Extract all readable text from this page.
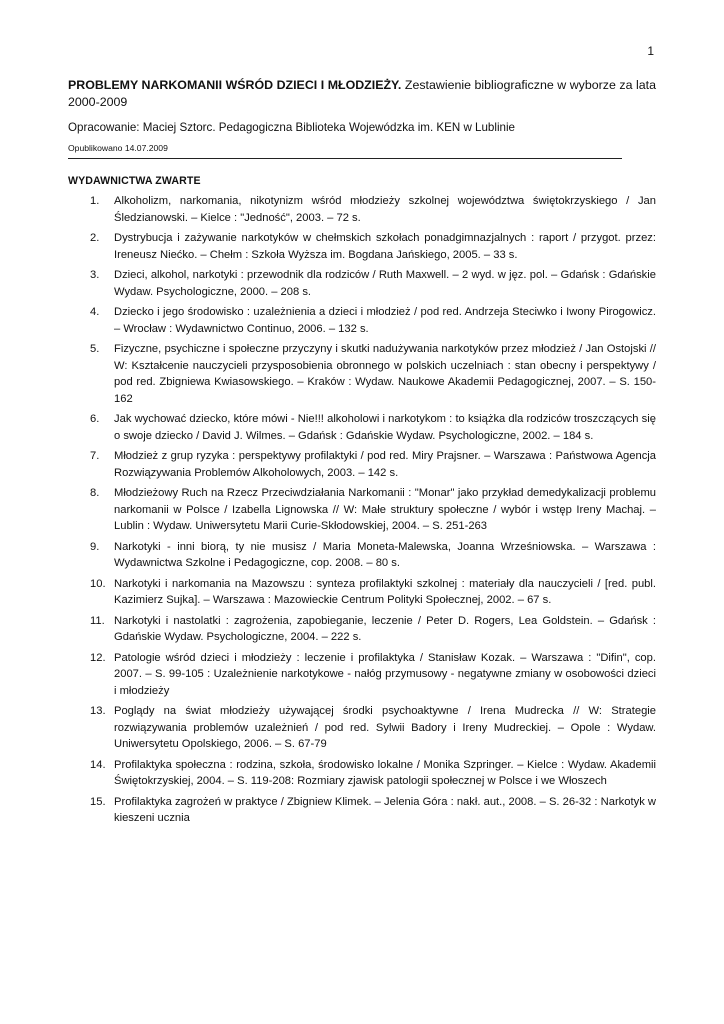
1
PROBLEMY NARKOMANII WŚRÓD DZIECI I MŁODZIEŻY. Zestawienie bibliograficzne w wyborze za lata 2000-2009
Opracowanie: Maciej Sztorc. Pedagogiczna Biblioteka Wojewódzka im. KEN w Lublinie
Opublikowano 14.07.2009
WYDAWNICTWA ZWARTE
1.	Alkoholizm, narkomania, nikotynizm wśród młodzieży szkolnej województwa świętokrzyskiego / Jan Śledzianowski. – Kielce : "Jedność", 2003. – 72 s.
2.	Dystrybucja i zażywanie narkotyków w chełmskich szkołach ponadgimnazjalnych : raport / przygot. przez: Ireneusz Niećko. – Chełm : Szkoła Wyższa im. Bogdana Jańskiego, 2005. – 33 s.
3.	Dzieci, alkohol, narkotyki : przewodnik dla rodziców / Ruth Maxwell. – 2 wyd. w jęz. pol. – Gdańsk : Gdańskie Wydaw. Psychologiczne, 2000. – 208 s.
4.	Dziecko i jego środowisko : uzależnienia a dzieci i młodzież / pod red. Andrzeja Steciwko i Iwony Pirogowicz. – Wrocław : Wydawnictwo Continuo, 2006. – 132 s.
5.	Fizyczne, psychiczne i społeczne przyczyny i skutki nadużywania narkotyków przez młodzież / Jan Ostojski // W: Kształcenie nauczycieli przysposobienia obronnego w polskich uczelniach : stan obecny i perspektywy / pod red. Zbigniewa Kwiasowskiego. – Kraków : Wydaw. Naukowe Akademii Pedagogicznej, 2007. – S. 150-162
6.	Jak wychować dziecko, które mówi - Nie!!! alkoholowi i narkotykom : to książka dla rodziców troszczących się o swoje dziecko / David J. Wilmes. – Gdańsk : Gdańskie Wydaw. Psychologiczne, 2002. – 184 s.
7.	Młodzież z grup ryzyka : perspektywy profilaktyki / pod red. Miry Prajsner. – Warszawa : Państwowa Agencja Rozwiązywania Problemów Alkoholowych, 2003. – 142 s.
8.	Młodzieżowy Ruch na Rzecz Przeciwdziałania Narkomanii : "Monar" jako przykład demedykalizacji problemu narkomanii w Polsce / Izabella Lignowska // W: Małe struktury społeczne / wybór i wstęp Ireny Machaj. – Lublin : Wydaw. Uniwersytetu Marii Curie-Skłodowskiej, 2004. – S. 251-263
9.	Narkotyki - inni biorą, ty nie musisz / Maria Moneta-Malewska, Joanna Wrześniowska. – Warszawa : Wydawnictwa Szkolne i Pedagogiczne, cop. 2008. – 80 s.
10. Narkotyki i narkomania na Mazowszu : synteza profilaktyki szkolnej : materiały dla nauczycieli / [red. publ. Kazimierz Sujka]. – Warszawa : Mazowieckie Centrum Polityki Społecznej, 2002. – 67 s.
11. Narkotyki i nastolatki : zagrożenia, zapobieganie, leczenie / Peter D. Rogers, Lea Goldstein. – Gdańsk : Gdańskie Wydaw. Psychologiczne, 2004. – 222 s.
12. Patologie wśród dzieci i młodzieży : leczenie i profilaktyka / Stanisław Kozak. – Warszawa : "Difin", cop. 2007. – S. 99-105 : Uzależnienie narkotykowe - nałóg przymusowy - negatywne zmiany w osobowości dzieci i młodzieży
13. Poglądy na świat młodzieży używającej środki psychoaktywne / Irena Mudrecka // W: Strategie rozwiązywania problemów uzależnień / pod red. Sylwii Badory i Ireny Mudreckiej. – Opole : Wydaw. Uniwersytetu Opolskiego, 2006. – S. 67-79
14. Profilaktyka społeczna : rodzina, szkoła, środowisko lokalne / Monika Szpringer. – Kielce : Wydaw. Akademii Świętokrzyskiej, 2004. – S. 119-208: Rozmiary zjawisk patologii społecznej w Polsce i we Włoszech
15. Profilaktyka zagrożeń w praktyce / Zbigniew Klimek. – Jelenia Góra : nakł. aut., 2008. – S. 26-32 : Narkotyk w kieszeni ucznia
